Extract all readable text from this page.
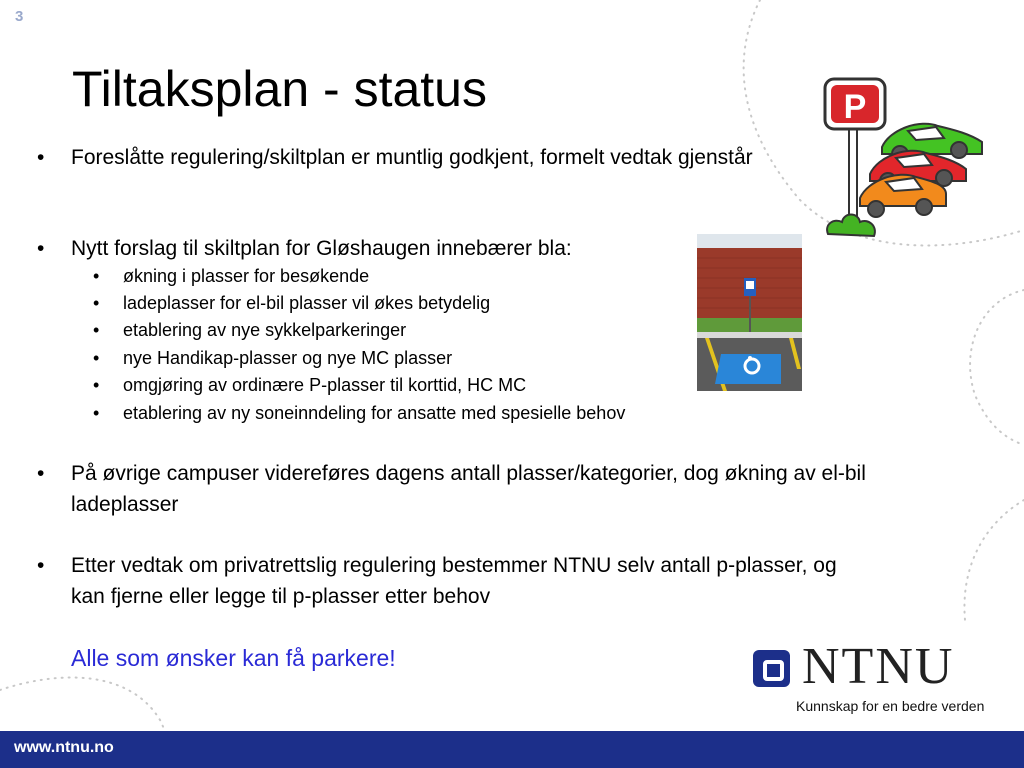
3
Tiltaksplan - status
• Foreslåtte regulering/skiltplan er muntlig godkjent, formelt vedtak gjenstår
• Nytt forslag til skiltplan for Gløshaugen innebærer bla:
• økning i plasser for besøkende
• ladeplasser for el-bil plasser vil økes betydelig
• etablering av nye sykkelparkeringer
• nye Handikap-plasser og nye MC plasser
• omgjøring av ordinære P-plasser til korttid, HC MC
• etablering av ny soneinndeling for ansatte med spesielle behov
• På øvrige campuser videreføres dagens antall plasser/kategorier, dog økning av el-bil ladeplasser
• Etter vedtak om privatrettslig regulering bestemmer NTNU selv antall p-plasser, og kan fjerne eller legge til p-plasser etter behov
Alle som ønsker kan få parkere!
P
NTNU
Kunnskap for en bedre verden
www.ntnu.no
